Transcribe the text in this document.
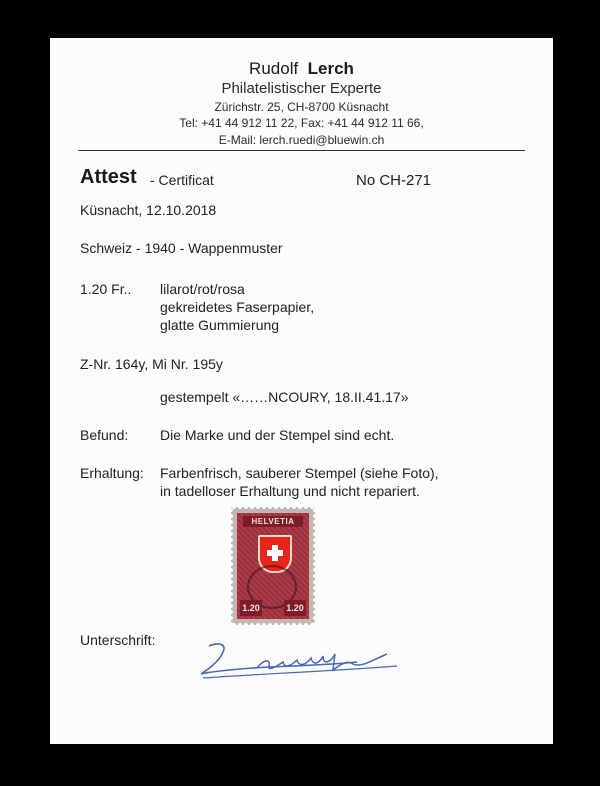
Rudolf Lerch
Philatelistischer Experte
Zürichstr. 25, CH-8700 Küsnacht
Tel: +41 44 912 11 22, Fax: +41 44 912 11 66,
E-Mail: lerch.ruedi@bluewin.ch
Attest - Certificat	No CH-271
Küsnacht, 12.10.2018
Schweiz - 1940 - Wappenmuster
1.20 Fr.. lilarot/rot/rosa
gekreidetes Faserpapier,
glatte Gummierung
Z-Nr. 164y, Mi Nr. 195y
gestempelt «……NCOURY, 18.II.41.17»
Befund: Die Marke und der Stempel sind echt.
Erhaltung: Farbenfrisch, sauberer Stempel (siehe Foto),
in tadelloser Erhaltung und nicht repariert.
HELVETIA
1.20	1.20
Unterschrift:
